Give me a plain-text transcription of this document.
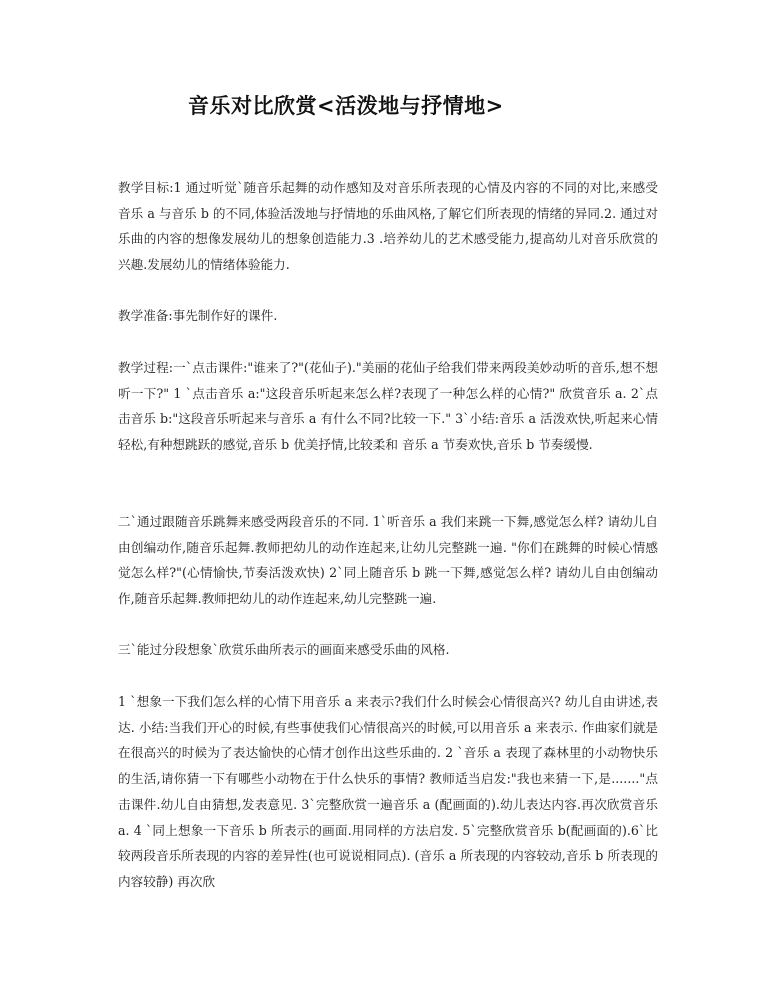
音乐对比欣赏<活泼地与抒情地>

教学目标:1 通过听觉`随音乐起舞的动作感知及对音乐所表现的心情及内容的不同的对比,来感受音乐 a 与音乐 b 的不同,体验活泼地与抒情地的乐曲风格,了解它们所表现的情绪的异同.2. 通过对乐曲的内容的想像发展幼儿的想象创造能力.3 .培养幼儿的艺术感受能力,提高幼儿对音乐欣赏的兴趣.发展幼儿的情绪体验能力.

教学准备:事先制作好的课件.

教学过程:一`点击课件:"谁来了?"(花仙子)."美丽的花仙子给我们带来两段美妙动听的音乐,想不想听一下?" 1 `点击音乐 a:"这段音乐听起来怎么样?表现了一种怎么样的心情?" 欣赏音乐 a. 2`点击音乐 b:"这段音乐听起来与音乐 a 有什么不同?比较一下." 3`小结:音乐 a 活泼欢快,听起来心情轻松,有种想跳跃的感觉,音乐 b 优美抒情,比较柔和 音乐 a 节奏欢快,音乐 b 节奏缓慢.

二`通过跟随音乐跳舞来感受两段音乐的不同. 1`听音乐 a 我们来跳一下舞,感觉怎么样? 请幼儿自由创编动作,随音乐起舞.教师把幼儿的动作连起来,让幼儿完整跳一遍. "你们在跳舞的时候心情感觉怎么样?"(心情愉快,节奏活泼欢快) 2`同上随音乐 b 跳一下舞,感觉怎么样? 请幼儿自由创编动作,随音乐起舞.教师把幼儿的动作连起来,幼儿完整跳一遍.

三`能过分段想象`欣赏乐曲所表示的画面来感受乐曲的风格.

1 `想象一下我们怎么样的心情下用音乐 a 来表示?我们什么时候会心情很高兴? 幼儿自由讲述,表达. 小结:当我们开心的时候,有些事使我们心情很高兴的时候,可以用音乐 a 来表示. 作曲家们就是在很高兴的时候为了表达愉快的心情才创作出这些乐曲的. 2 `音乐 a 表现了森林里的小动物快乐的生活,请你猜一下有哪些小动物在于什么快乐的事情? 教师适当启发:"我也来猜一下,是......."点击课件.幼儿自由猜想,发表意见. 3`完整欣赏一遍音乐 a (配画面的).幼儿表达内容.再次欣赏音乐 a. 4 `同上想象一下音乐 b 所表示的画面.用同样的方法启发. 5`完整欣赏音乐 b(配画面的).6`比较两段音乐所表现的内容的差异性(也可说说相同点). (音乐 a 所表现的内容较动,音乐 b 所表现的内容较静) 再次欣
